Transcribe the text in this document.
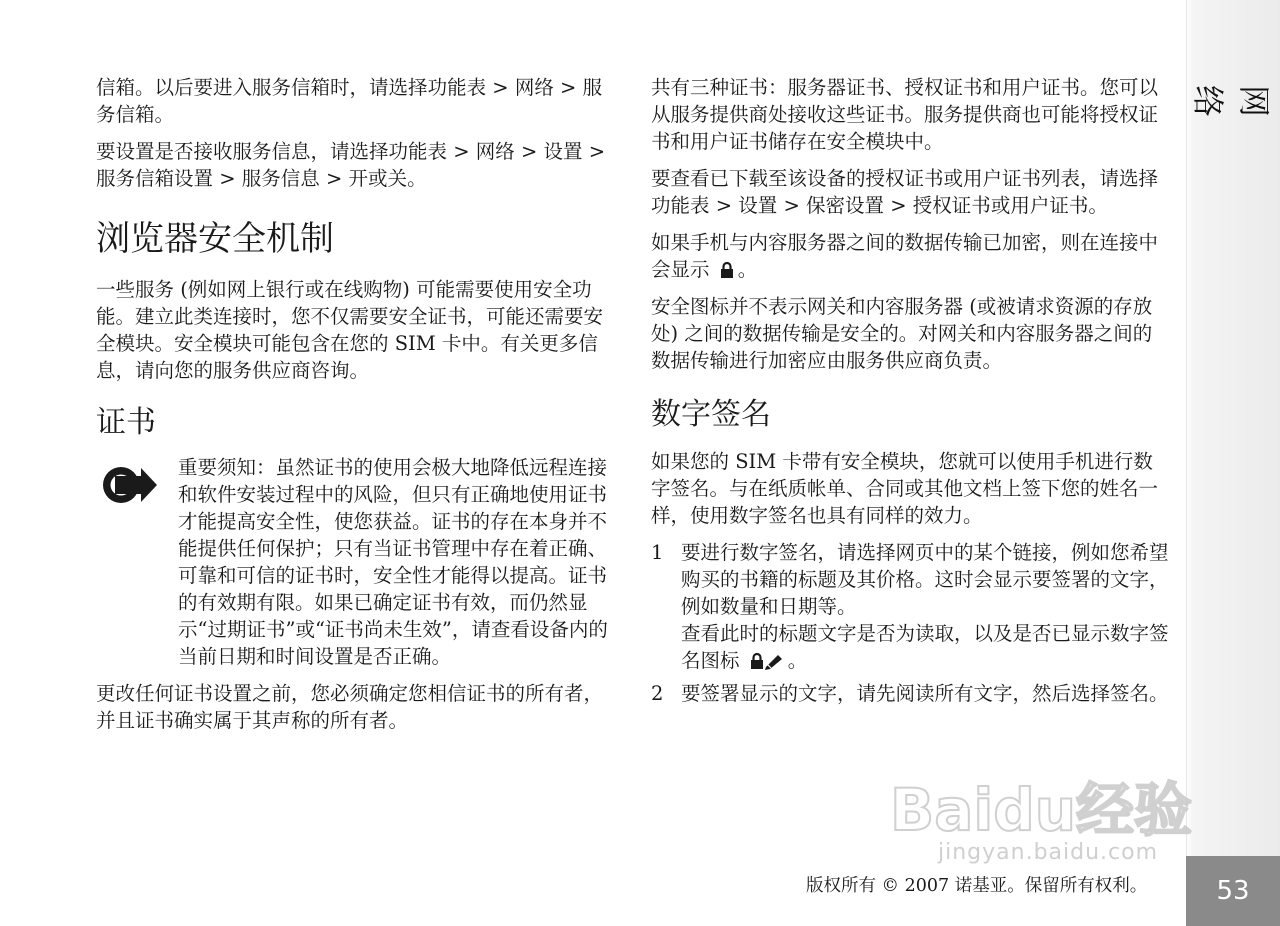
信箱。以后要进入服务信箱时，请选择功能表 > 网络 > 服务信箱。

要设置是否接收服务信息，请选择功能表 > 网络 > 设置 > 服务信箱设置 > 服务信息 > 开或关。

浏览器安全机制

一些服务 (例如网上银行或在线购物) 可能需要使用安全功能。建立此类连接时，您不仅需要安全证书，可能还需要安全模块。安全模块可能包含在您的 SIM 卡中。有关更多信息，请向您的服务供应商咨询。

证书
重要须知：虽然证书的使用会极大地降低远程连接和软件安装过程中的风险，但只有正确地使用证书才能提高安全性，使您获益。证书的存在本身并不能提供任何保护；只有当证书管理中存在着正确、可靠和可信的证书时，安全性才能得以提高。证书的有效期有限。如果已确定证书有效，而仍然显示“过期证书”或“证书尚未生效”，请查看设备内的当前日期和时间设置是否正确。

更改任何证书设置之前，您必须确定您相信证书的所有者，并且证书确实属于其声称的所有者。

共有三种证书：服务器证书、授权证书和用户证书。您可以从服务提供商处接收这些证书。服务提供商也可能将授权证书和用户证书储存在安全模块中。

要查看已下载至该设备的授权证书或用户证书列表，请选择功能表 > 设置 > 保密设置 > 授权证书或用户证书。

如果手机与内容服务器之间的数据传输已加密，则在连接中会显示 。

安全图标并不表示网关和内容服务器 (或被请求资源的存放处) 之间的数据传输是安全的。对网关和内容服务器之间的数据传输进行加密应由服务供应商负责。

数字签名

如果您的 SIM 卡带有安全模块，您就可以使用手机进行数字签名。与在纸质帐单、合同或其他文档上签下您的姓名一样，使用数字签名也具有同样的效力。

1 要进行数字签名，请选择网页中的某个链接，例如您希望购买的书籍的标题及其价格。这时会显示要签署的文字，例如数量和日期等。
查看此时的标题文字是否为读取，以及是否已显示数字签名图标 。
2 要签署显示的文字，请先阅读所有文字，然后选择签名。
网络
Baidu经验
jingyan.baidu.com
版权所有 © 2007 诺基亚。保留所有权利。	53
